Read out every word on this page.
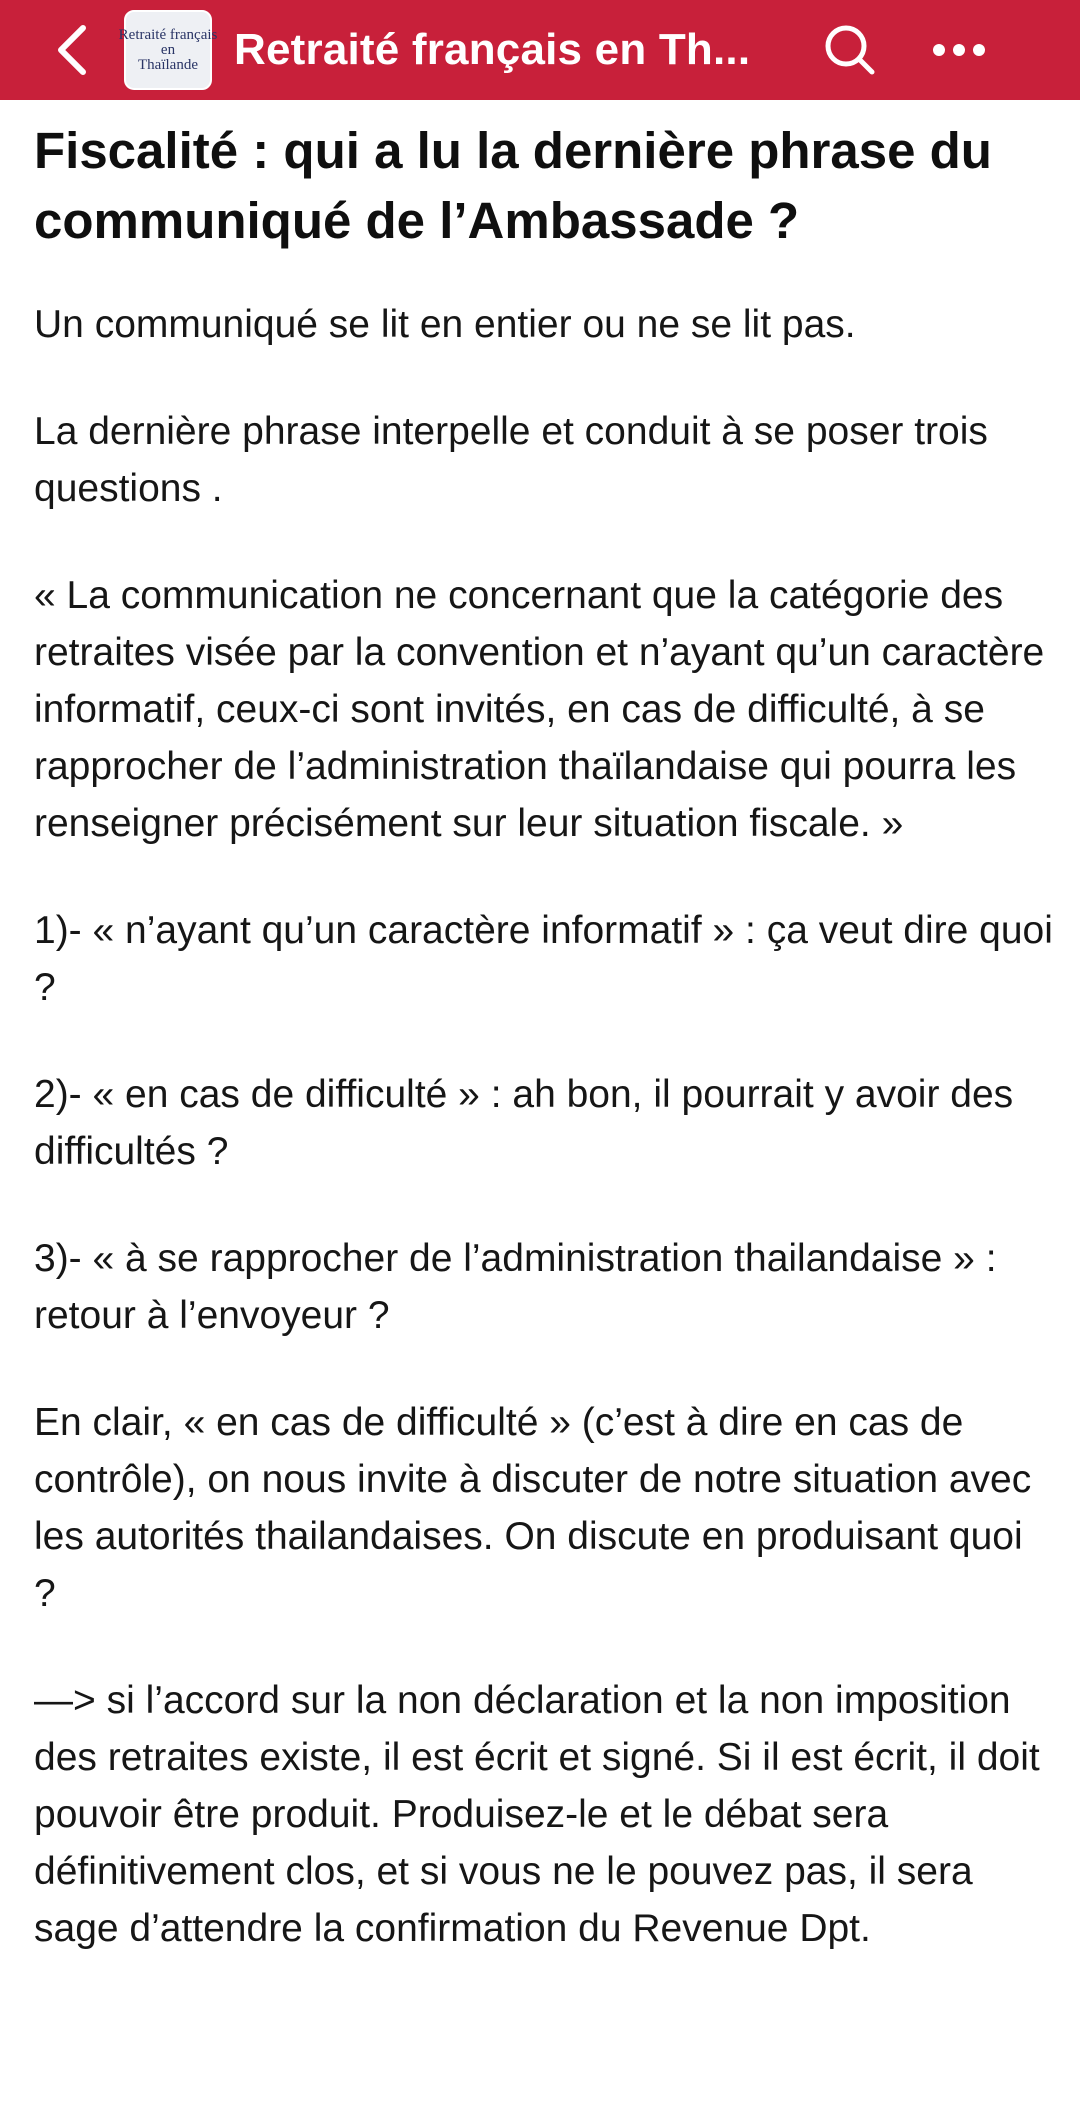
Retraité français
en
Thaïlande Retraité français en Th...
Fiscalité : qui a lu la dernière phrase du communiqué de l’Ambassade ?

Un communiqué se lit en entier ou ne se lit pas.

La dernière phrase interpelle et conduit à se poser trois questions .

« La communication ne concernant que la catégorie des retraites visée par la convention et n’ayant qu’un caractère informatif, ceux-ci sont invités, en cas de difficulté, à se rapprocher de l’administration thaïlandaise qui pourra les renseigner précisément sur leur situation fiscale. »

1)- « n’ayant qu’un caractère informatif » : ça veut dire quoi ?

2)- « en cas de difficulté » : ah bon, il pourrait y avoir des difficultés ?

3)- « à se rapprocher de l’administration thailandaise » : retour à l’envoyeur ?

En clair, « en cas de difficulté » (c’est à dire en cas de contrôle), on nous invite à discuter de notre situation avec les autorités thailandaises. On discute en produisant quoi ?

—> si l’accord sur la non déclaration et la non imposition des retraites existe, il est écrit et signé. Si il est écrit, il doit pouvoir être produit. Produisez-le et le débat sera définitivement clos, et si vous ne le pouvez pas, il sera sage d’attendre la confirmation du Revenue Dpt.
